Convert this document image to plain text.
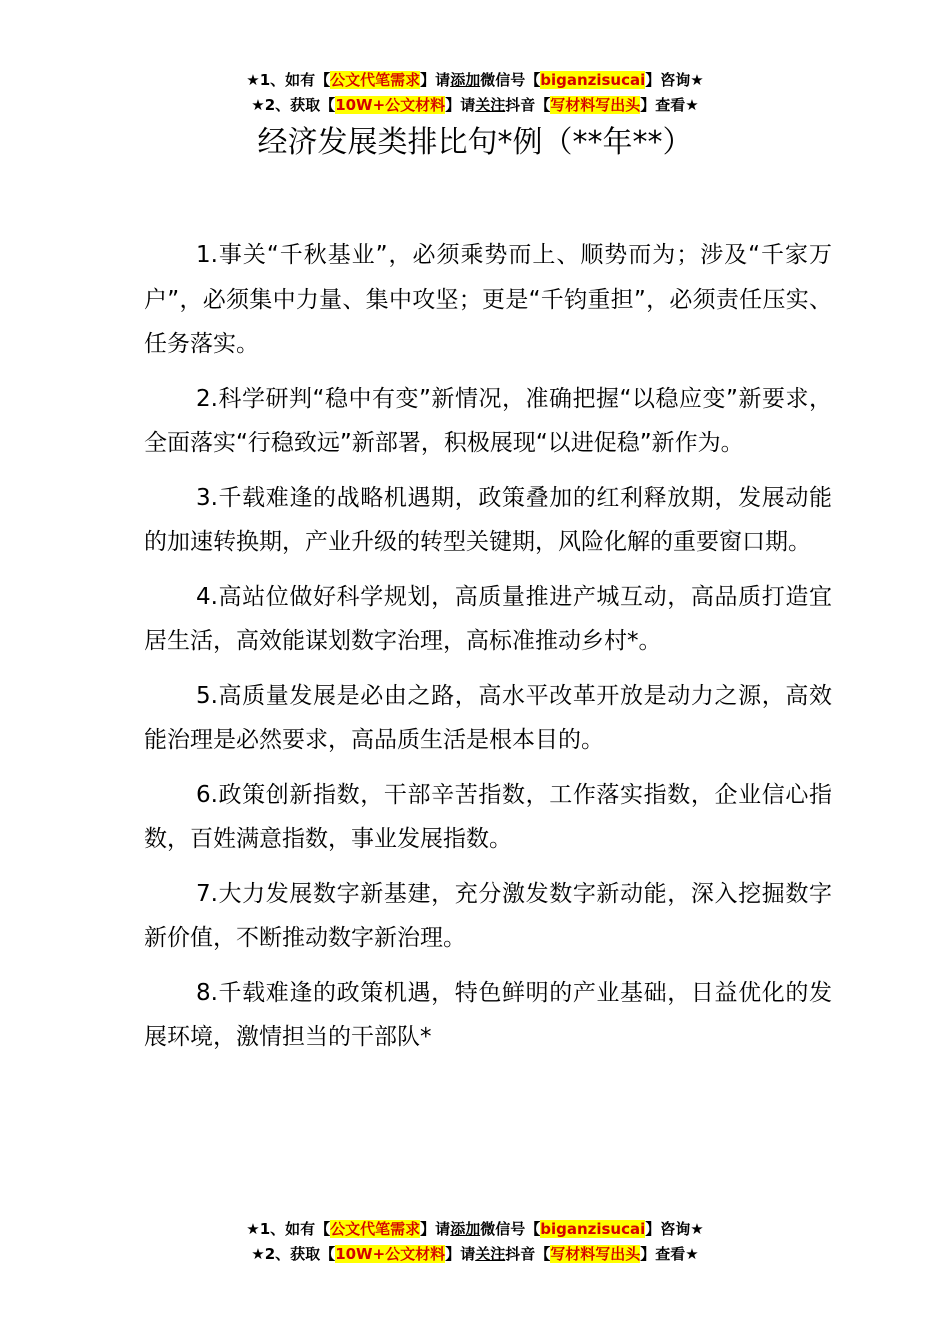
★1、如有【公文代笔需求】请添加微信号【biganzisucai】咨询★
★2、获取【10W+公文材料】请关注抖音【写材料写出头】查看★
经济发展类排比句*例（**年**）

1.事关“千秋基业”，必须乘势而上、顺势而为；涉及“千家万户”，必须集中力量、集中攻坚；更是“千钧重担”，必须责任压实、任务落实。

2.科学研判“稳中有变”新情况，准确把握“以稳应变”新要求，全面落实“行稳致远”新部署，积极展现“以进促稳”新作为。

3.千载难逢的战略机遇期，政策叠加的红利释放期，发展动能的加速转换期，产业升级的转型关键期，风险化解的重要窗口期。

4.高站位做好科学规划，高质量推进产城互动，高品质打造宜居生活，高效能谋划数字治理，高标准推动乡村*。

5.高质量发展是必由之路，高水平改革开放是动力之源，高效能治理是必然要求，高品质生活是根本目的。

6.政策创新指数，干部辛苦指数，工作落实指数，企业信心指数，百姓满意指数，事业发展指数。

7.大力发展数字新基建，充分激发数字新动能，深入挖掘数字新价值，不断推动数字新治理。

8.千载难逢的政策机遇，特色鲜明的产业基础，日益优化的发展环境，激情担当的干部队*

★1、如有【公文代笔需求】请添加微信号【biganzisucai】咨询★
★2、获取【10W+公文材料】请关注抖音【写材料写出头】查看★
